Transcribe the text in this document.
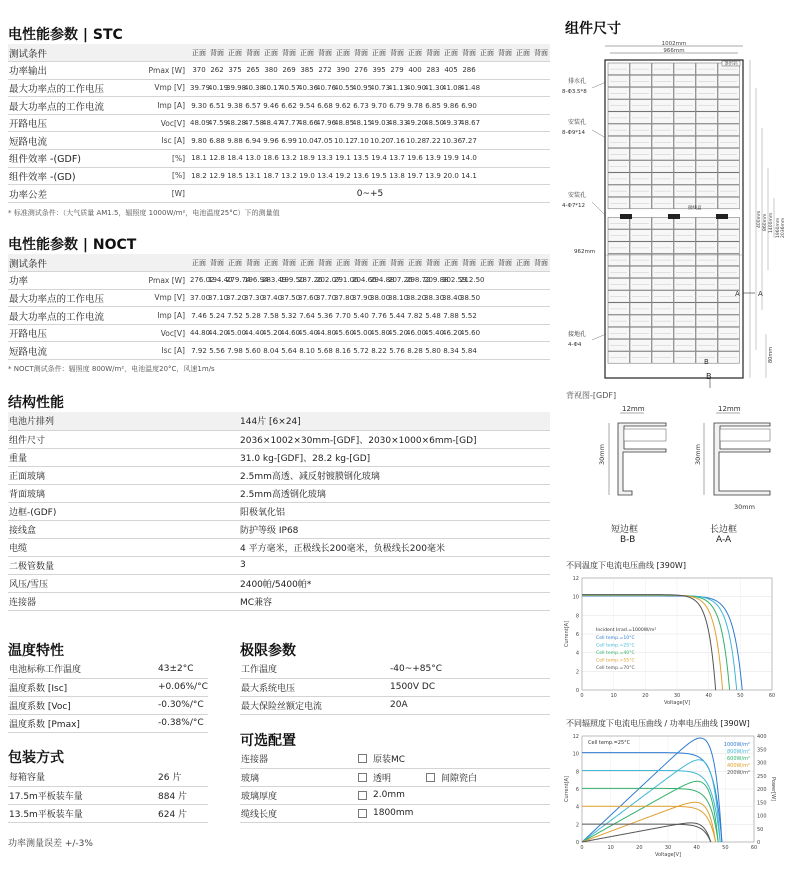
电性能参数 | STC
测试条件		正面	背面	正面	背面	正面	背面	正面	背面	正面	背面	正面	背面	正面	背面	正面	背面	正面	背面	正面	背面
功率输出	Pmax [W]	370	262	375	265	380	269	385	272	390	276	395	279	400	283	405	286				
最大功率点的工作电压	Vmp [V]	39.79	40.19	39.98	40.38	40.17	40.57	40.36	40.76	40.55	40.95	40.73	41.13	40.90	41.30	41.08	41.48				
最大功率点的工作电流	Imp [A]	9.30	6.51	9.38	6.57	9.46	6.62	9.54	6.68	9.62	6.73	9.70	6.79	9.78	6.85	9.86	6.90				
开路电压	Voc[V]	48.09	47.59	48.28	47.58	48.47	47.77	48.66	47.96	48.85	48.15	49.03	48.33	49.20	48.50	49.37	48.67				
短路电流	Isc [A]	9.80	6.88	9.88	6.94	9.96	6.99	10.04	7.05	10.12	7.10	10.20	7.16	10.28	7.22	10.36	7.27				
组件效率 -(GDF)	[%]	18.1	12.8	18.4	13.0	18.6	13.2	18.9	13.3	19.1	13.5	19.4	13.7	19.6	13.9	19.9	14.0				
组件效率 -(GD)	[%]	18.2	12.9	18.5	13.1	18.7	13.2	19.0	13.4	19.2	13.6	19.5	13.8	19.7	13.9	20.0	14.1				
功率公差	[W]	0~+5																			
* 标准测试条件：（大气质量 AM1.5，辐照度 1000W/m²，电池温度25°C）下的测量值
电性能参数 | NOCT
测试条件		正面	背面	正面	背面	正面	背面	正面	背面	正面	背面	正面	背面	正面	背面	正面	背面	正面	背面	正面	背面
功率	Pmax [W]	276.02	194.40	279.74	196.94	283.49	199.50	287.26	202.07	291.06	204.66	294.88	207.26	298.72	209.88	302.59	212.50				
最大功率点的工作电压	Vmp [V]	37.00	37.10	37.20	37.30	37.40	37.50	37.60	37.70	37.80	37.90	38.00	38.10	38.20	38.30	38.40	38.50				
最大功率点的工作电流	Imp [A]	7.46	5.24	7.52	5.28	7.58	5.32	7.64	5.36	7.70	5.40	7.76	5.44	7.82	5.48	7.88	5.52				
开路电压	Voc[V]	44.80	44.20	45.00	44.40	45.20	44.60	45.40	44.80	45.60	45.00	45.80	45.20	46.00	45.40	46.20	45.60				
短路电流	Isc [A]	7.92	5.56	7.98	5.60	8.04	5.64	8.10	5.68	8.16	5.72	8.22	5.76	8.28	5.80	8.34	5.84				
* NOCT测试条件：辐照度 800W/m²，电池温度20°C，风速1m/s
结构性能
电池片排列	144片 [6×24]
组件尺寸	2036×1002×30mm-[GDF]、2030×1000×6mm-[GD]
重量	31.0 kg-[GDF]、28.2 kg-[GD]
正面玻璃	2.5mm高透、减反射镀膜钢化玻璃
背面玻璃	2.5mm高透钢化玻璃
边框-(GDF)	阳极氧化铝
接线盒	防护等级 IP68
电缆	4 平方毫米，正极线长200毫米，负极线长200毫米
二极管数量	3
风压/雪压	2400帕/5400帕*
连接器	MC兼容
温度特性
电池标称工作温度	43±2°C
温度系数 [Isc]	+0.06%/°C
温度系数 [Voc]	-0.30%/°C
温度系数 [Pmax]	-0.38%/°C
极限参数
工作温度	-40~+85°C
最大系统电压	1500V DC
最大保险丝额定电流	20A
包装方式
每箱容量	26 片
17.5m平板装车量	884 片
13.5m平板装车量	624 片
功率测量误差 +/-3%
可选配置
连接器	原装MC

玻璃	透明 间隙瓷白

玻璃厚度	2.0mm

缆线长度	1800mm
组件尺寸
1002mm
966mm
条形码
接线盒
排水孔
8-Φ3.5*8
安装孔
8-Φ9*14
安装孔
4-Φ7*12
962mm
接地孔
4-Φ4
2036mm
1960mm
1400mm
860mm
400mm
80mm
A	A
B
B
背视图-[GDF]
12mm
30mm
短边框
B-B
12mm
30mm
30mm
长边框
A-A
不同温度下电流电压曲线 [390W]
0
2
4
6
8
10
12
0	10	20	30	40	50	60
Voltage[V]
Current[A]	Cell temp.=10°C
Cell temp.=25°C
Cell temp.=40°C
Cell temp.=55°C
Cell temp.=70°C
Incident Irrad.=1000W/m²
不同辐照度下电流电压曲线 / 功率电压曲线 [390W]
0
2
4
6
8
10
12
0	10	20	30	40	50	60
0
50
100
150
200
250
300
350
400
Power[W]
Voltage[V]
Current[A]
1000W/m²
800W/m²
600W/m²
400W/m²
200W/m²
Cell temp.=25°C
